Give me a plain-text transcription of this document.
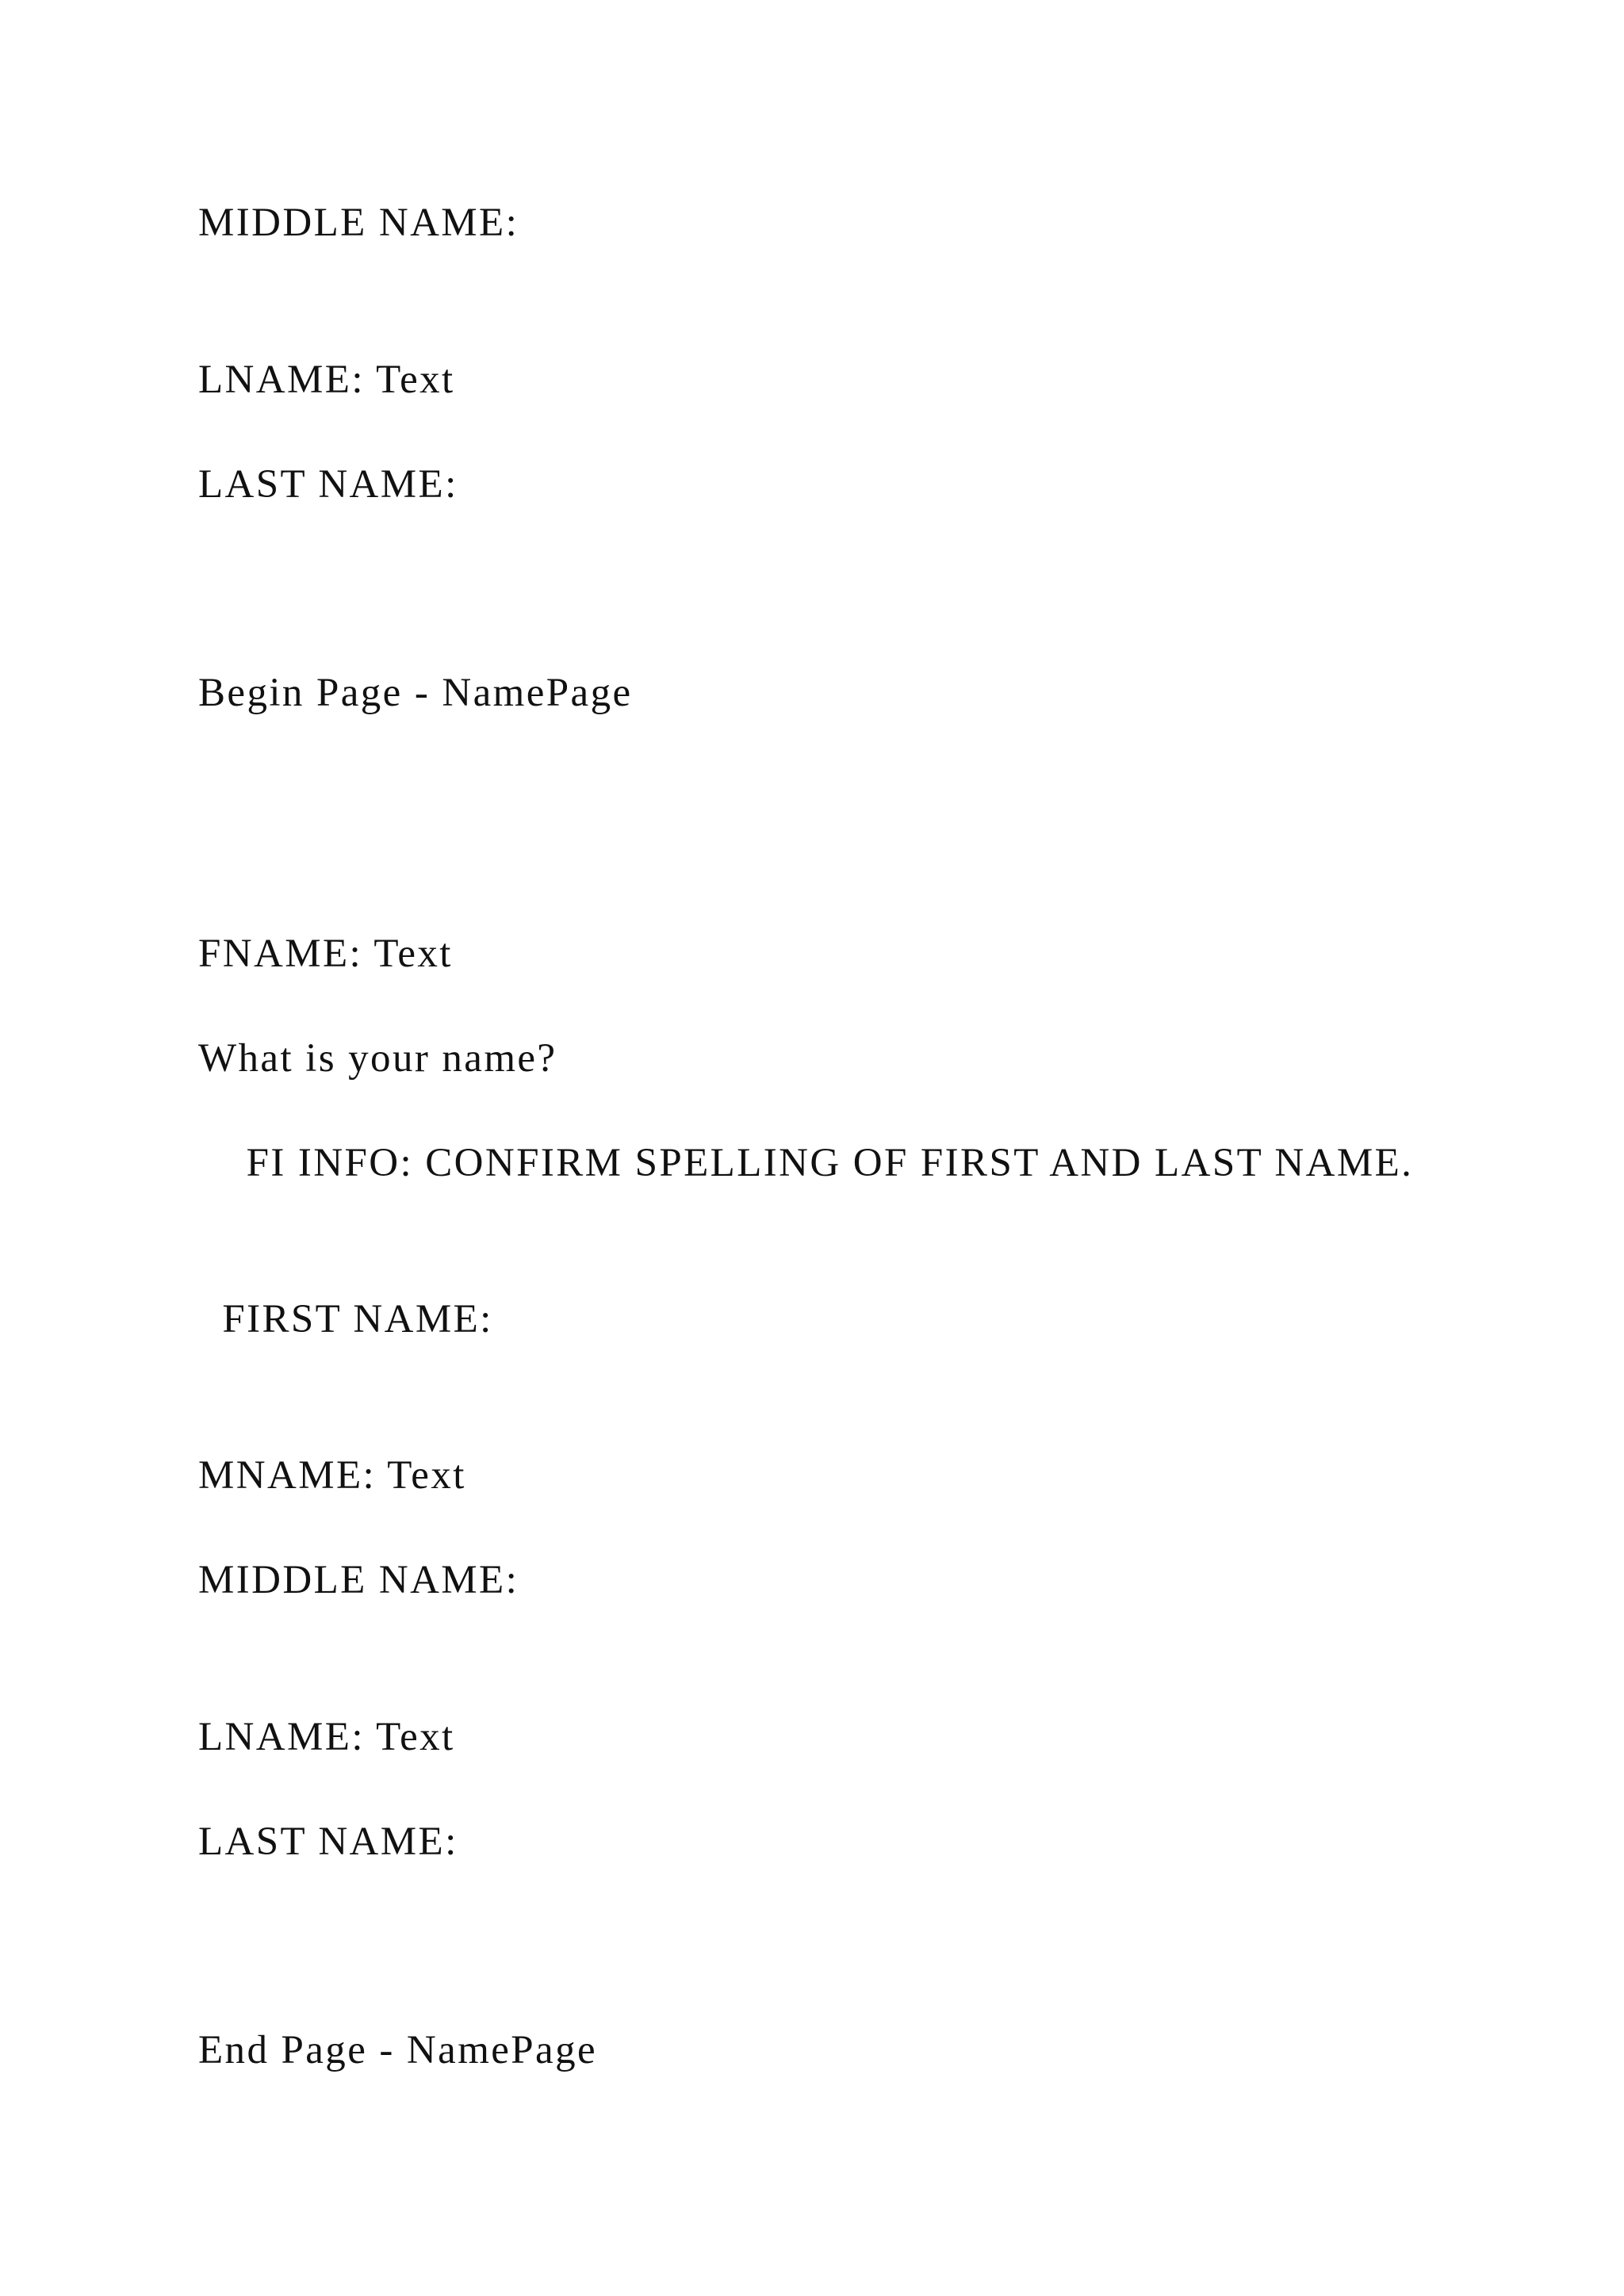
MIDDLE NAME:

LNAME: Text

LAST NAME:

Begin Page - NamePage

FNAME: Text

What is your name?

FI INFO: CONFIRM SPELLING OF FIRST AND LAST NAME.

FIRST NAME:

MNAME: Text

MIDDLE NAME:

LNAME: Text

LAST NAME:

End Page - NamePage
